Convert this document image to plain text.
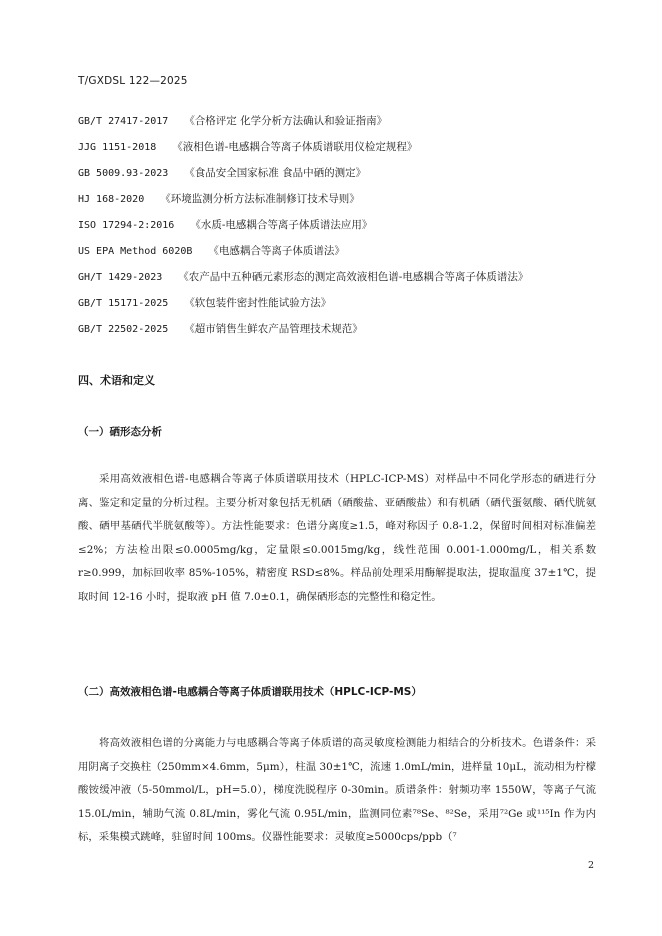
T/GXDSL 122—2025
GB/T 27417-2017 《合格评定 化学分析方法确认和验证指南》
JJG 1151-2018 《液相色谱-电感耦合等离子体质谱联用仪检定规程》
GB 5009.93-2023 《食品安全国家标准 食品中硒的测定》
HJ 168-2020 《环境监测分析方法标准制修订技术导则》
ISO 17294-2:2016 《水质-电感耦合等离子体质谱法应用》
US EPA Method 6020B 《电感耦合等离子体质谱法》
GH/T 1429-2023 《农产品中五种硒元素形态的测定高效液相色谱-电感耦合等离子体质谱法》
GB/T 15171-2025 《软包装件密封性能试验方法》
GB/T 22502-2025 《超市销售生鲜农产品管理技术规范》
四、术语和定义
（一）硒形态分析

采用高效液相色谱-电感耦合等离子体质谱联用技术（HPLC-ICP-MS）对样品中不同化学形态的硒进行分离、鉴定和定量的分析过程。主要分析对象包括无机硒（硒酸盐、亚硒酸盐）和有机硒（硒代蛋氨酸、硒代胱氨酸、硒甲基硒代半胱氨酸等）。方法性能要求：色谱分离度≥1.5，峰对称因子 0.8-1.2，保留时间相对标准偏差≤2%；方法检出限≤0.0005mg/kg，定量限≤0.0015mg/kg，线性范围 0.001-1.000mg/L，相关系数 r≥0.999，加标回收率 85%-105%，精密度 RSD≤8%。样品前处理采用酶解提取法，提取温度 37±1℃，提取时间 12-16 小时，提取液 pH 值 7.0±0.1，确保硒形态的完整性和稳定性。

（二）高效液相色谱-电感耦合等离子体质谱联用技术（HPLC-ICP-MS）

将高效液相色谱的分离能力与电感耦合等离子体质谱的高灵敏度检测能力相结合的分析技术。色谱条件：采用阴离子交换柱（250mm×4.6mm，5μm），柱温 30±1℃，流速 1.0mL/min，进样量 10μL，流动相为柠檬酸铵缓冲液（5-50mmol/L，pH=5.0），梯度洗脱程序 0-30min。质谱条件：射频功率 1550W，等离子气流 15.0L/min，辅助气流 0.8L/min，雾化气流 0.95L/min，监测同位素⁷⁸Se、⁸²Se，采用⁷²Ge 或¹¹⁵In 作为内标，采集模式跳峰，驻留时间 100ms。仪器性能要求：灵敏度≥5000cps/ppb（⁷

2
